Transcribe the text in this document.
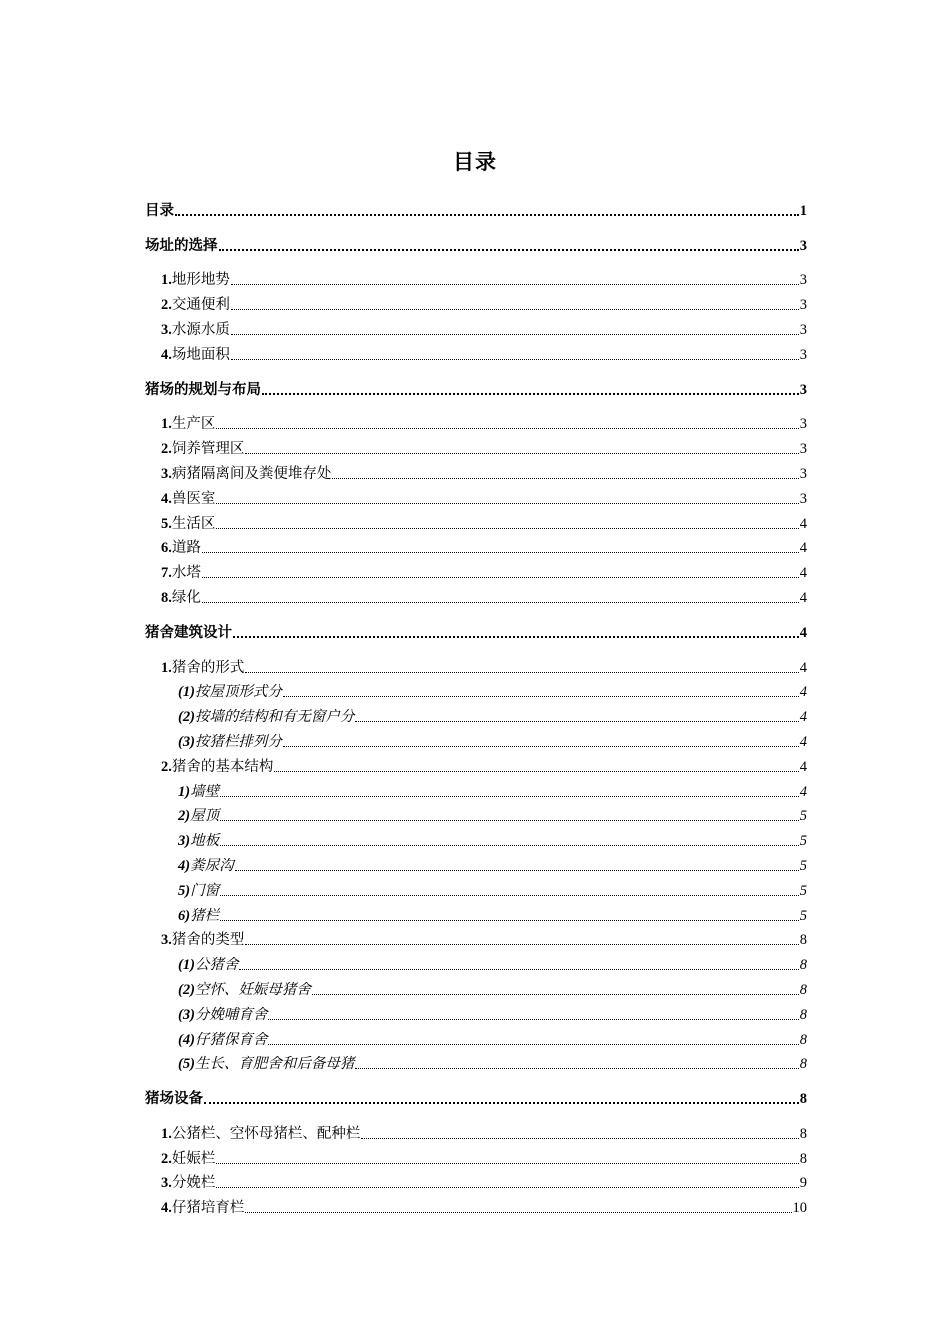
目录
目录	1
场址的选择	3
1.地形地势	3
2.交通便利	3
3.水源水质	3
4.场地面积	3
猪场的规划与布局	3
1.生产区	3
2.饲养管理区	3
3.病猪隔离间及粪便堆存处	3
4.兽医室	3
5.生活区	4
6.道路	4
7.水塔	4
8.绿化	4
猪舍建筑设计	4
1.猪舍的形式	4
(1)按屋顶形式分	4
(2)按墙的结构和有无窗户分	4
(3)按猪栏排列分	4
2.猪舍的基本结构	4
1)墙壁	4
2)屋顶	5
3)地板	5
4)粪尿沟	5
5)门窗	5
6)猪栏	5
3.猪舍的类型	8
(1)公猪舍	8
(2)空怀、妊娠母猪舍	8
(3)分娩哺育舍	8
(4)仔猪保育舍	8
(5)生长、育肥舍和后备母猪	8
猪场设备	8
1.公猪栏、空怀母猪栏、配种栏	8
2.妊娠栏	8
3.分娩栏	9
4.仔猪培育栏	10
